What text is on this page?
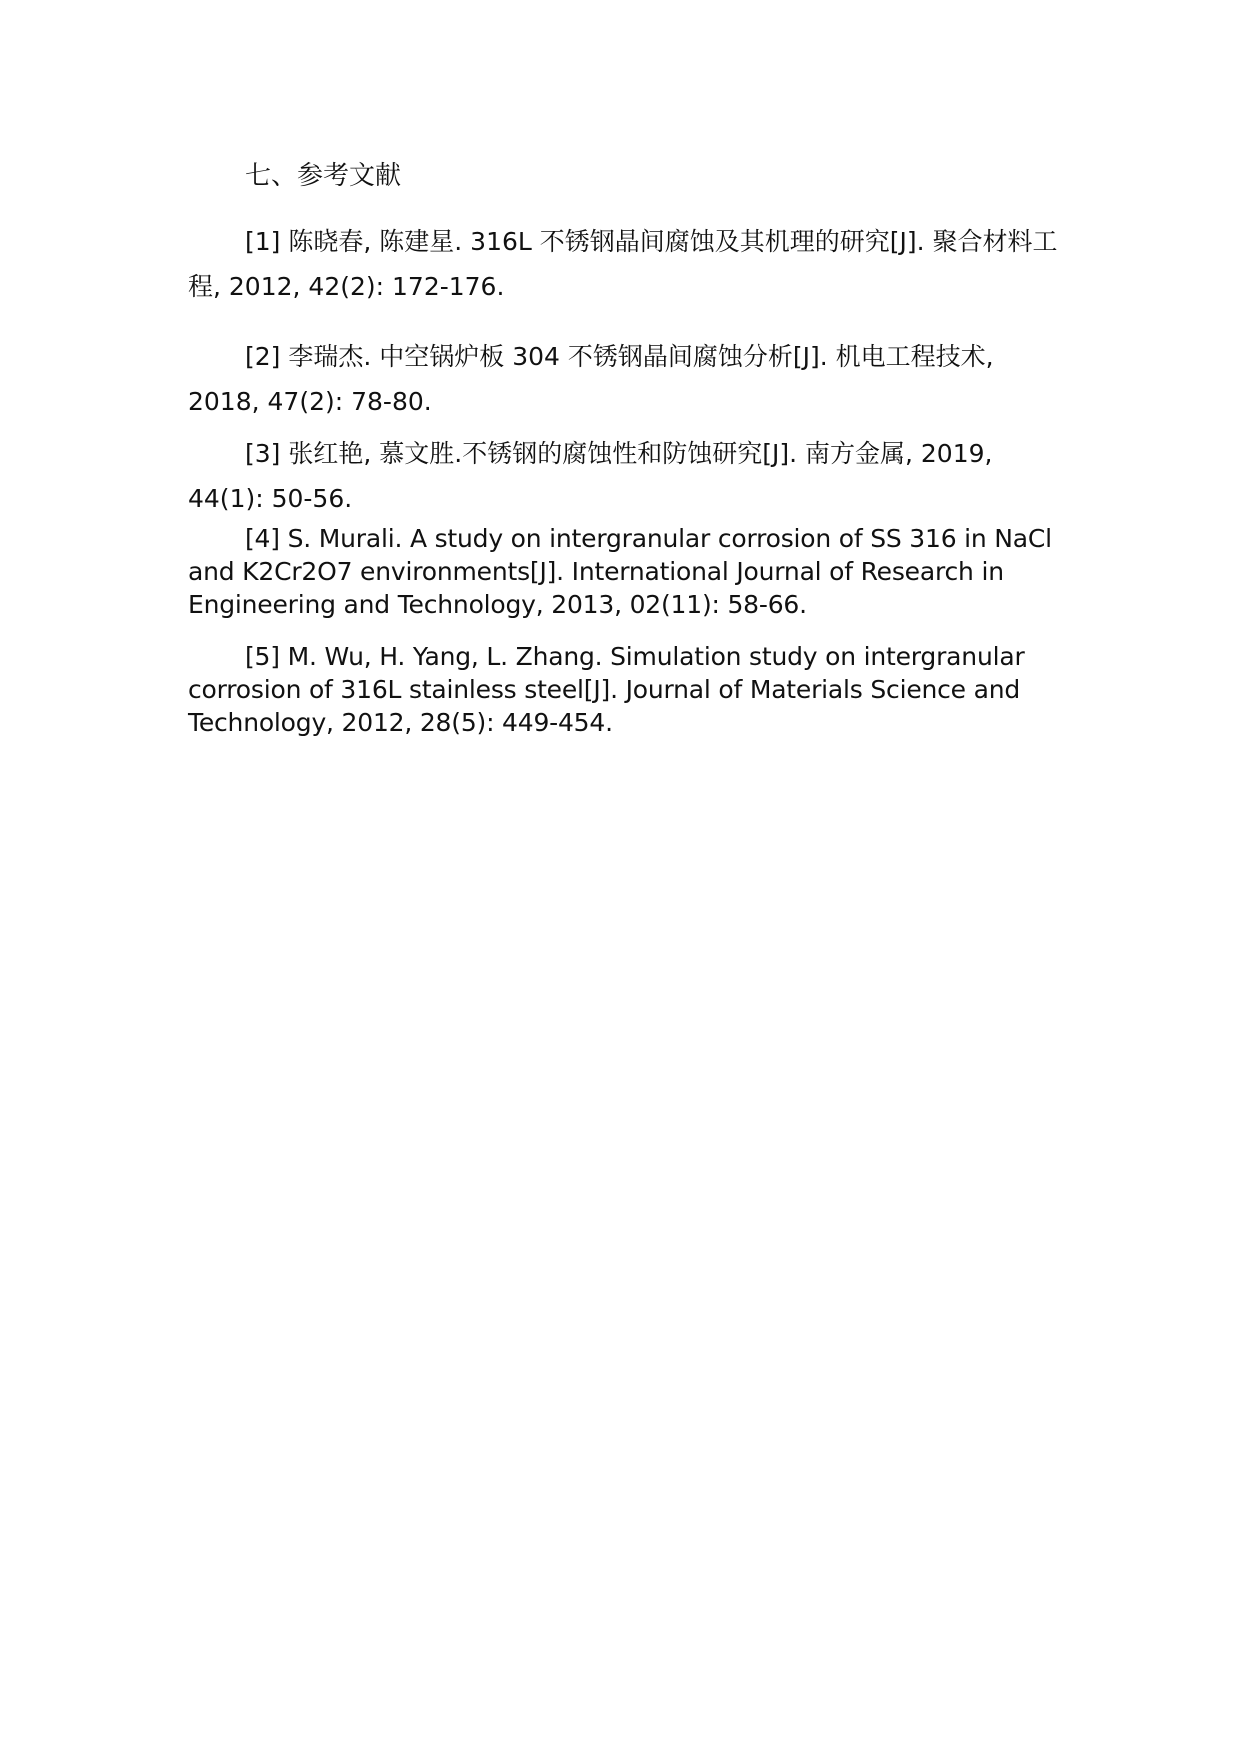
七、参考文献

[1] 陈晓春, 陈建星. 316L 不锈钢晶间腐蚀及其机理的研究[J]. 聚合材料工程, 2012, 42(2): 172-176.

[2] 李瑞杰. 中空锅炉板 304 不锈钢晶间腐蚀分析[J]. 机电工程技术, 2018, 47(2): 78-80.

[3] 张红艳, 慕文胜.不锈钢的腐蚀性和防蚀研究[J]. 南方金属, 2019, 44(1): 50-56.

[4] S. Murali. A study on intergranular corrosion of SS 316 in NaCl and K2Cr2O7 environments[J]. International Journal of Research in Engineering and Technology, 2013, 02(11): 58-66.

[5] M. Wu, H. Yang, L. Zhang. Simulation study on intergranular corrosion of 316L stainless steel[J]. Journal of Materials Science and Technology, 2012, 28(5): 449-454.
